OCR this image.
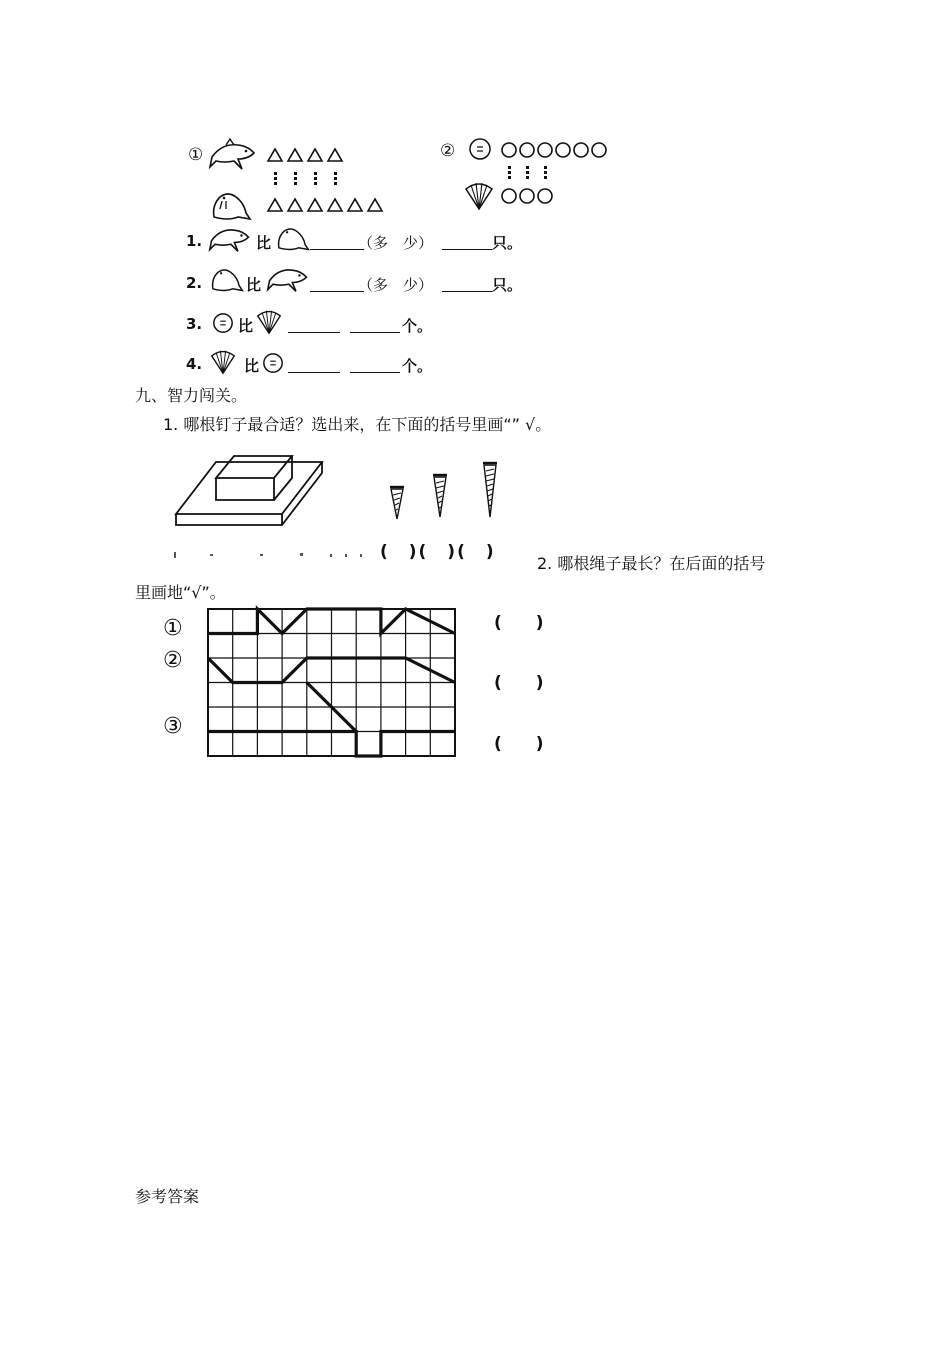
①	②
1.	比	（多　少）	只。
2.	比	（多　少）	只。
3. 比	个。
4.	比	个。
九、智力闯关。
1. 哪根钉子最合适？选出来，在下面的括号里画“” √。
(　)(　)(　)
2. 哪根绳子最长？在后面的括号
里画地“√”。
①
②
③
(　　)
(　　)
(　　)
参考答案
